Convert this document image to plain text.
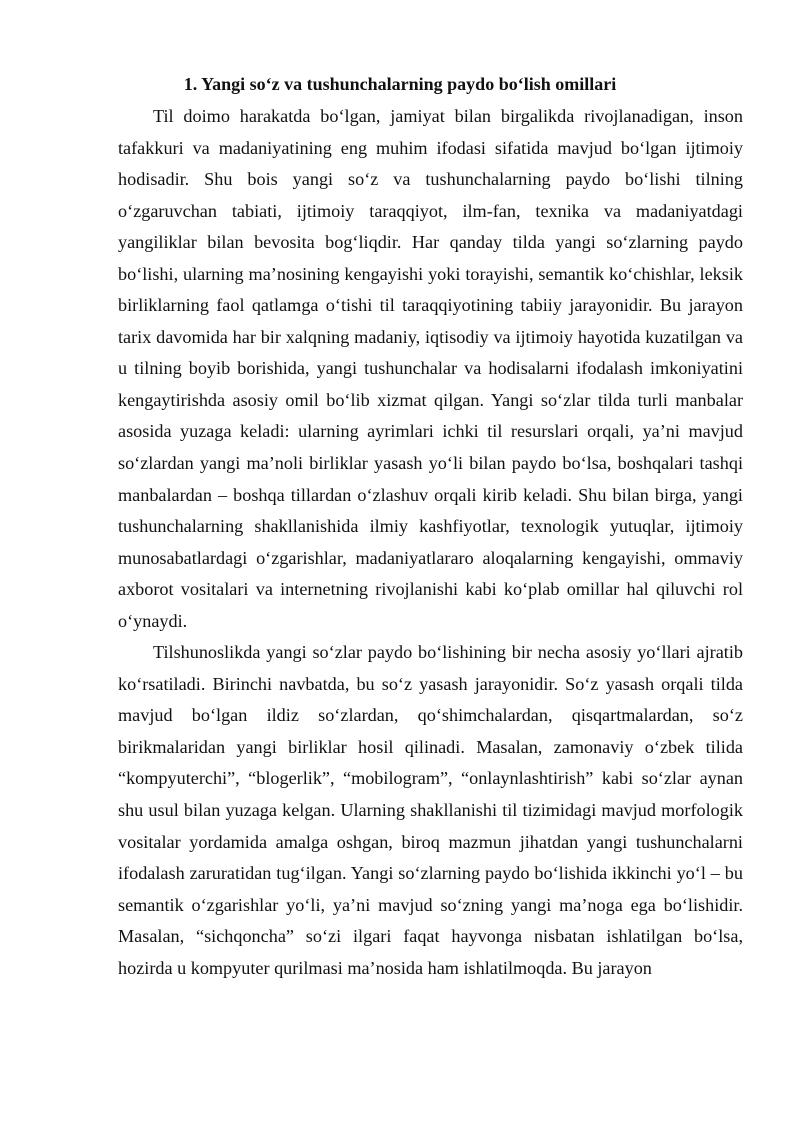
1. Yangi so‘z va tushunchalarning paydo bo‘lish omillari

Til doimo harakatda bo‘lgan, jamiyat bilan birgalikda rivojlanadigan, inson tafakkuri va madaniyatining eng muhim ifodasi sifatida mavjud bo‘lgan ijtimoiy hodisadir. Shu bois yangi so‘z va tushunchalarning paydo bo‘lishi tilning o‘zgaruvchan tabiati, ijtimoiy taraqqiyot, ilm-fan, texnika va madaniyatdagi yangiliklar bilan bevosita bog‘liqdir. Har qanday tilda yangi so‘zlarning paydo bo‘lishi, ularning ma’nosining kengayishi yoki torayishi, semantik ko‘chishlar, leksik birliklarning faol qatlamga o‘tishi til taraqqiyotining tabiiy jarayonidir. Bu jarayon tarix davomida har bir xalqning madaniy, iqtisodiy va ijtimoiy hayotida kuzatilgan va u tilning boyib borishida, yangi tushunchalar va hodisalarni ifodalash imkoniyatini kengaytirishda asosiy omil bo‘lib xizmat qilgan. Yangi so‘zlar tilda turli manbalar asosida yuzaga keladi: ularning ayrimlari ichki til resurslari orqali, ya’ni mavjud so‘zlardan yangi ma’noli birliklar yasash yo‘li bilan paydo bo‘lsa, boshqalari tashqi manbalardan – boshqa tillardan o‘zlashuv orqali kirib keladi. Shu bilan birga, yangi tushunchalarning shakllanishida ilmiy kashfiyotlar, texnologik yutuqlar, ijtimoiy munosabatlardagi o‘zgarishlar, madaniyatlararo aloqalarning kengayishi, ommaviy axborot vositalari va internetning rivojlanishi kabi ko‘plab omillar hal qiluvchi rol o‘ynaydi.

Tilshunoslikda yangi so‘zlar paydo bo‘lishining bir necha asosiy yo‘llari ajratib ko‘rsatiladi. Birinchi navbatda, bu so‘z yasash jarayonidir. So‘z yasash orqali tilda mavjud bo‘lgan ildiz so‘zlardan, qo‘shimchalardan, qisqartmalardan, so‘z birikmalaridan yangi birliklar hosil qilinadi. Masalan, zamonaviy o‘zbek tilida “kompyuterchi”, “blogerlik”, “mobilogram”, “onlaynlashtirish” kabi so‘zlar aynan shu usul bilan yuzaga kelgan. Ularning shakllanishi til tizimidagi mavjud morfologik vositalar yordamida amalga oshgan, biroq mazmun jihatdan yangi tushunchalarni ifodalash zaruratidan tug‘ilgan. Yangi so‘zlarning paydo bo‘lishida ikkinchi yo‘l – bu semantik o‘zgarishlar yo‘li, ya’ni mavjud so‘zning yangi ma’noga ega bo‘lishidir. Masalan, “sichqoncha” so‘zi ilgari faqat hayvonga nisbatan ishlatilgan bo‘lsa, hozirda u kompyuter qurilmasi ma’nosida ham ishlatilmoqda. Bu jarayon
